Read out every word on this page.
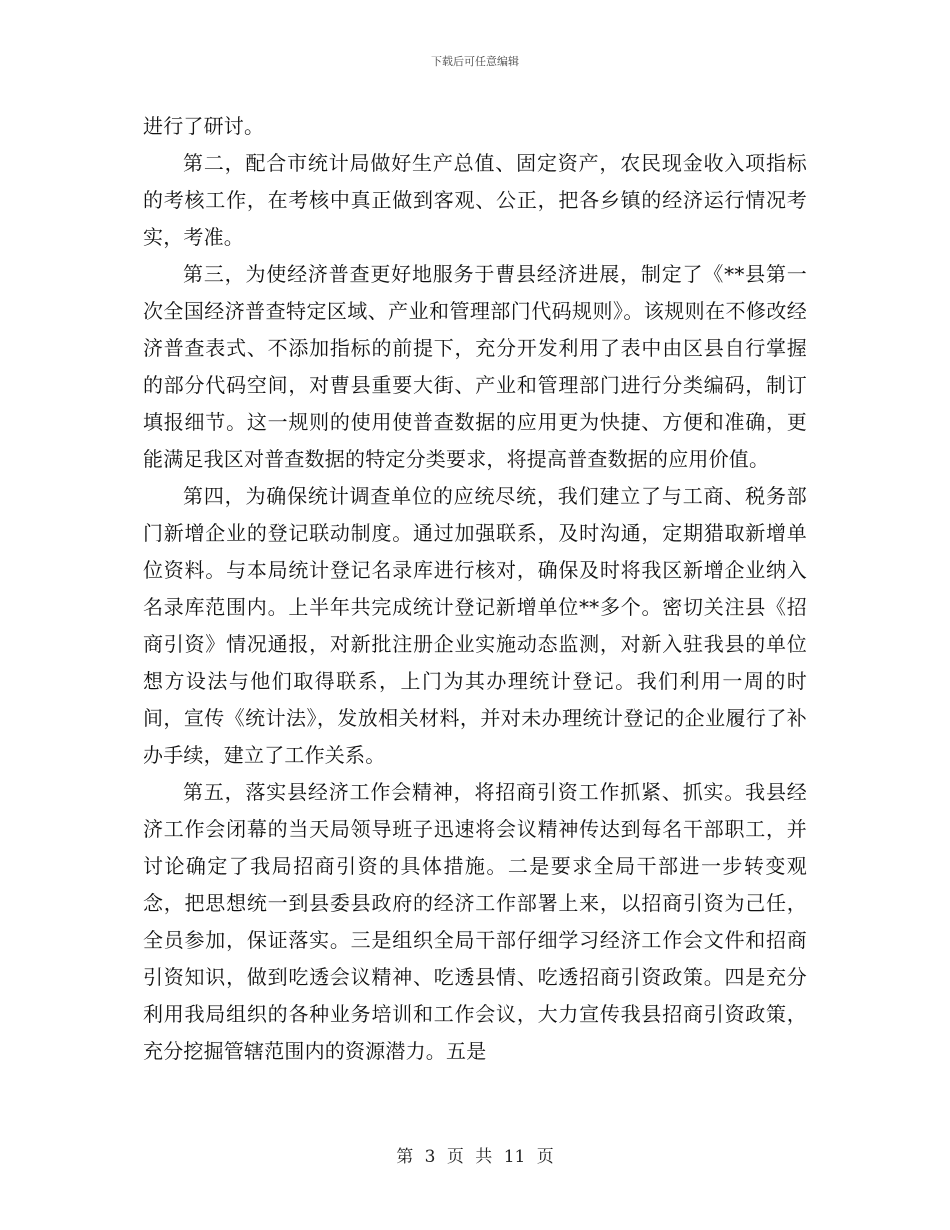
下载后可任意编辑

进行了研讨。

第二，配合市统计局做好生产总值、固定资产，农民现金收入项指标的考核工作，在考核中真正做到客观、公正，把各乡镇的经济运行情况考实，考准。

第三，为使经济普查更好地服务于曹县经济进展，制定了《**县第一次全国经济普查特定区域、产业和管理部门代码规则》。该规则在不修改经济普查表式、不添加指标的前提下，充分开发利用了表中由区县自行掌握的部分代码空间，对曹县重要大街、产业和管理部门进行分类编码，制订填报细节。这一规则的使用使普查数据的应用更为快捷、方便和准确，更能满足我区对普查数据的特定分类要求，将提高普查数据的应用价值。

第四，为确保统计调查单位的应统尽统，我们建立了与工商、税务部门新增企业的登记联动制度。通过加强联系，及时沟通，定期猎取新增单位资料。与本局统计登记名录库进行核对，确保及时将我区新增企业纳入名录库范围内。上半年共完成统计登记新增单位**多个。密切关注县《招商引资》情况通报，对新批注册企业实施动态监测，对新入驻我县的单位想方设法与他们取得联系，上门为其办理统计登记。我们利用一周的时间，宣传《统计法》，发放相关材料，并对未办理统计登记的企业履行了补办手续，建立了工作关系。

第五，落实县经济工作会精神，将招商引资工作抓紧、抓实。我县经济工作会闭幕的当天局领导班子迅速将会议精神传达到每名干部职工，并讨论确定了我局招商引资的具体措施。二是要求全局干部进一步转变观念，把思想统一到县委县政府的经济工作部署上来，以招商引资为己任，全员参加，保证落实。三是组织全局干部仔细学习经济工作会文件和招商引资知识，做到吃透会议精神、吃透县情、吃透招商引资政策。四是充分利用我局组织的各种业务培训和工作会议，大力宣传我县招商引资政策，充分挖掘管辖范围内的资源潜力。五是

第 3 页 共 11 页
